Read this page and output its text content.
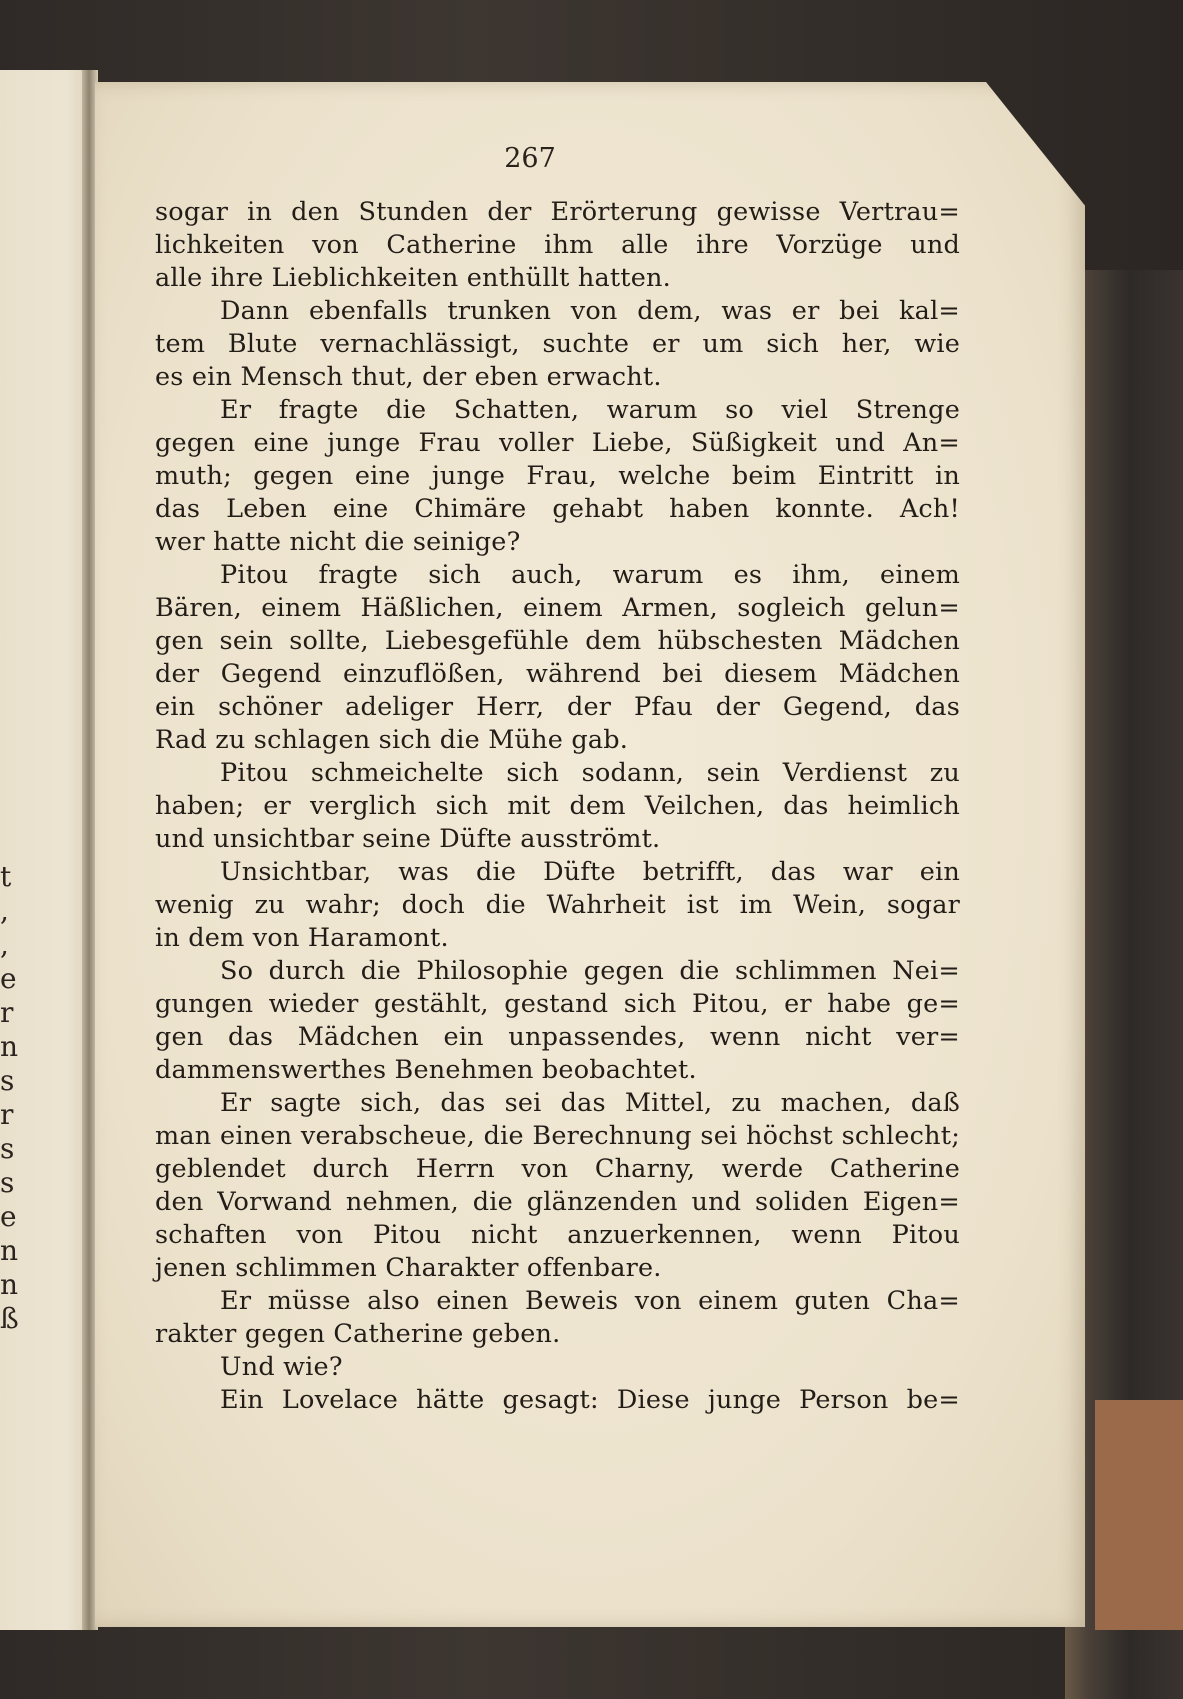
t
,
,
e
r
n
s
r
s
s
e
n
n
ß
267
sogar in den Stunden der Erörterung gewisse Vertrau=
lichkeiten von Catherine ihm alle ihre Vorzüge und
alle ihre Lieblichkeiten enthüllt hatten.
Dann ebenfalls trunken von dem, was er bei kal=
tem Blute vernachlässigt, suchte er um sich her, wie
es ein Mensch thut, der eben erwacht.
Er fragte die Schatten, warum so viel Strenge
gegen eine junge Frau voller Liebe, Süßigkeit und An=
muth; gegen eine junge Frau, welche beim Eintritt in
das Leben eine Chimäre gehabt haben konnte. Ach!
wer hatte nicht die seinige?
Pitou fragte sich auch, warum es ihm, einem
Bären, einem Häßlichen, einem Armen, sogleich gelun=
gen sein sollte, Liebesgefühle dem hübschesten Mädchen
der Gegend einzuflößen, während bei diesem Mädchen
ein schöner adeliger Herr, der Pfau der Gegend, das
Rad zu schlagen sich die Mühe gab.
Pitou schmeichelte sich sodann, sein Verdienst zu
haben; er verglich sich mit dem Veilchen, das heimlich
und unsichtbar seine Düfte ausströmt.
Unsichtbar, was die Düfte betrifft, das war ein
wenig zu wahr; doch die Wahrheit ist im Wein, sogar
in dem von Haramont.
So durch die Philosophie gegen die schlimmen Nei=
gungen wieder gestählt, gestand sich Pitou, er habe ge=
gen das Mädchen ein unpassendes, wenn nicht ver=
dammenswerthes Benehmen beobachtet.
Er sagte sich, das sei das Mittel, zu machen, daß
man einen verabscheue, die Berechnung sei höchst schlecht;
geblendet durch Herrn von Charny, werde Catherine
den Vorwand nehmen, die glänzenden und soliden Eigen=
schaften von Pitou nicht anzuerkennen, wenn Pitou
jenen schlimmen Charakter offenbare.
Er müsse also einen Beweis von einem guten Cha=
rakter gegen Catherine geben.
Und wie?
Ein Lovelace hätte gesagt: Diese junge Person be=
